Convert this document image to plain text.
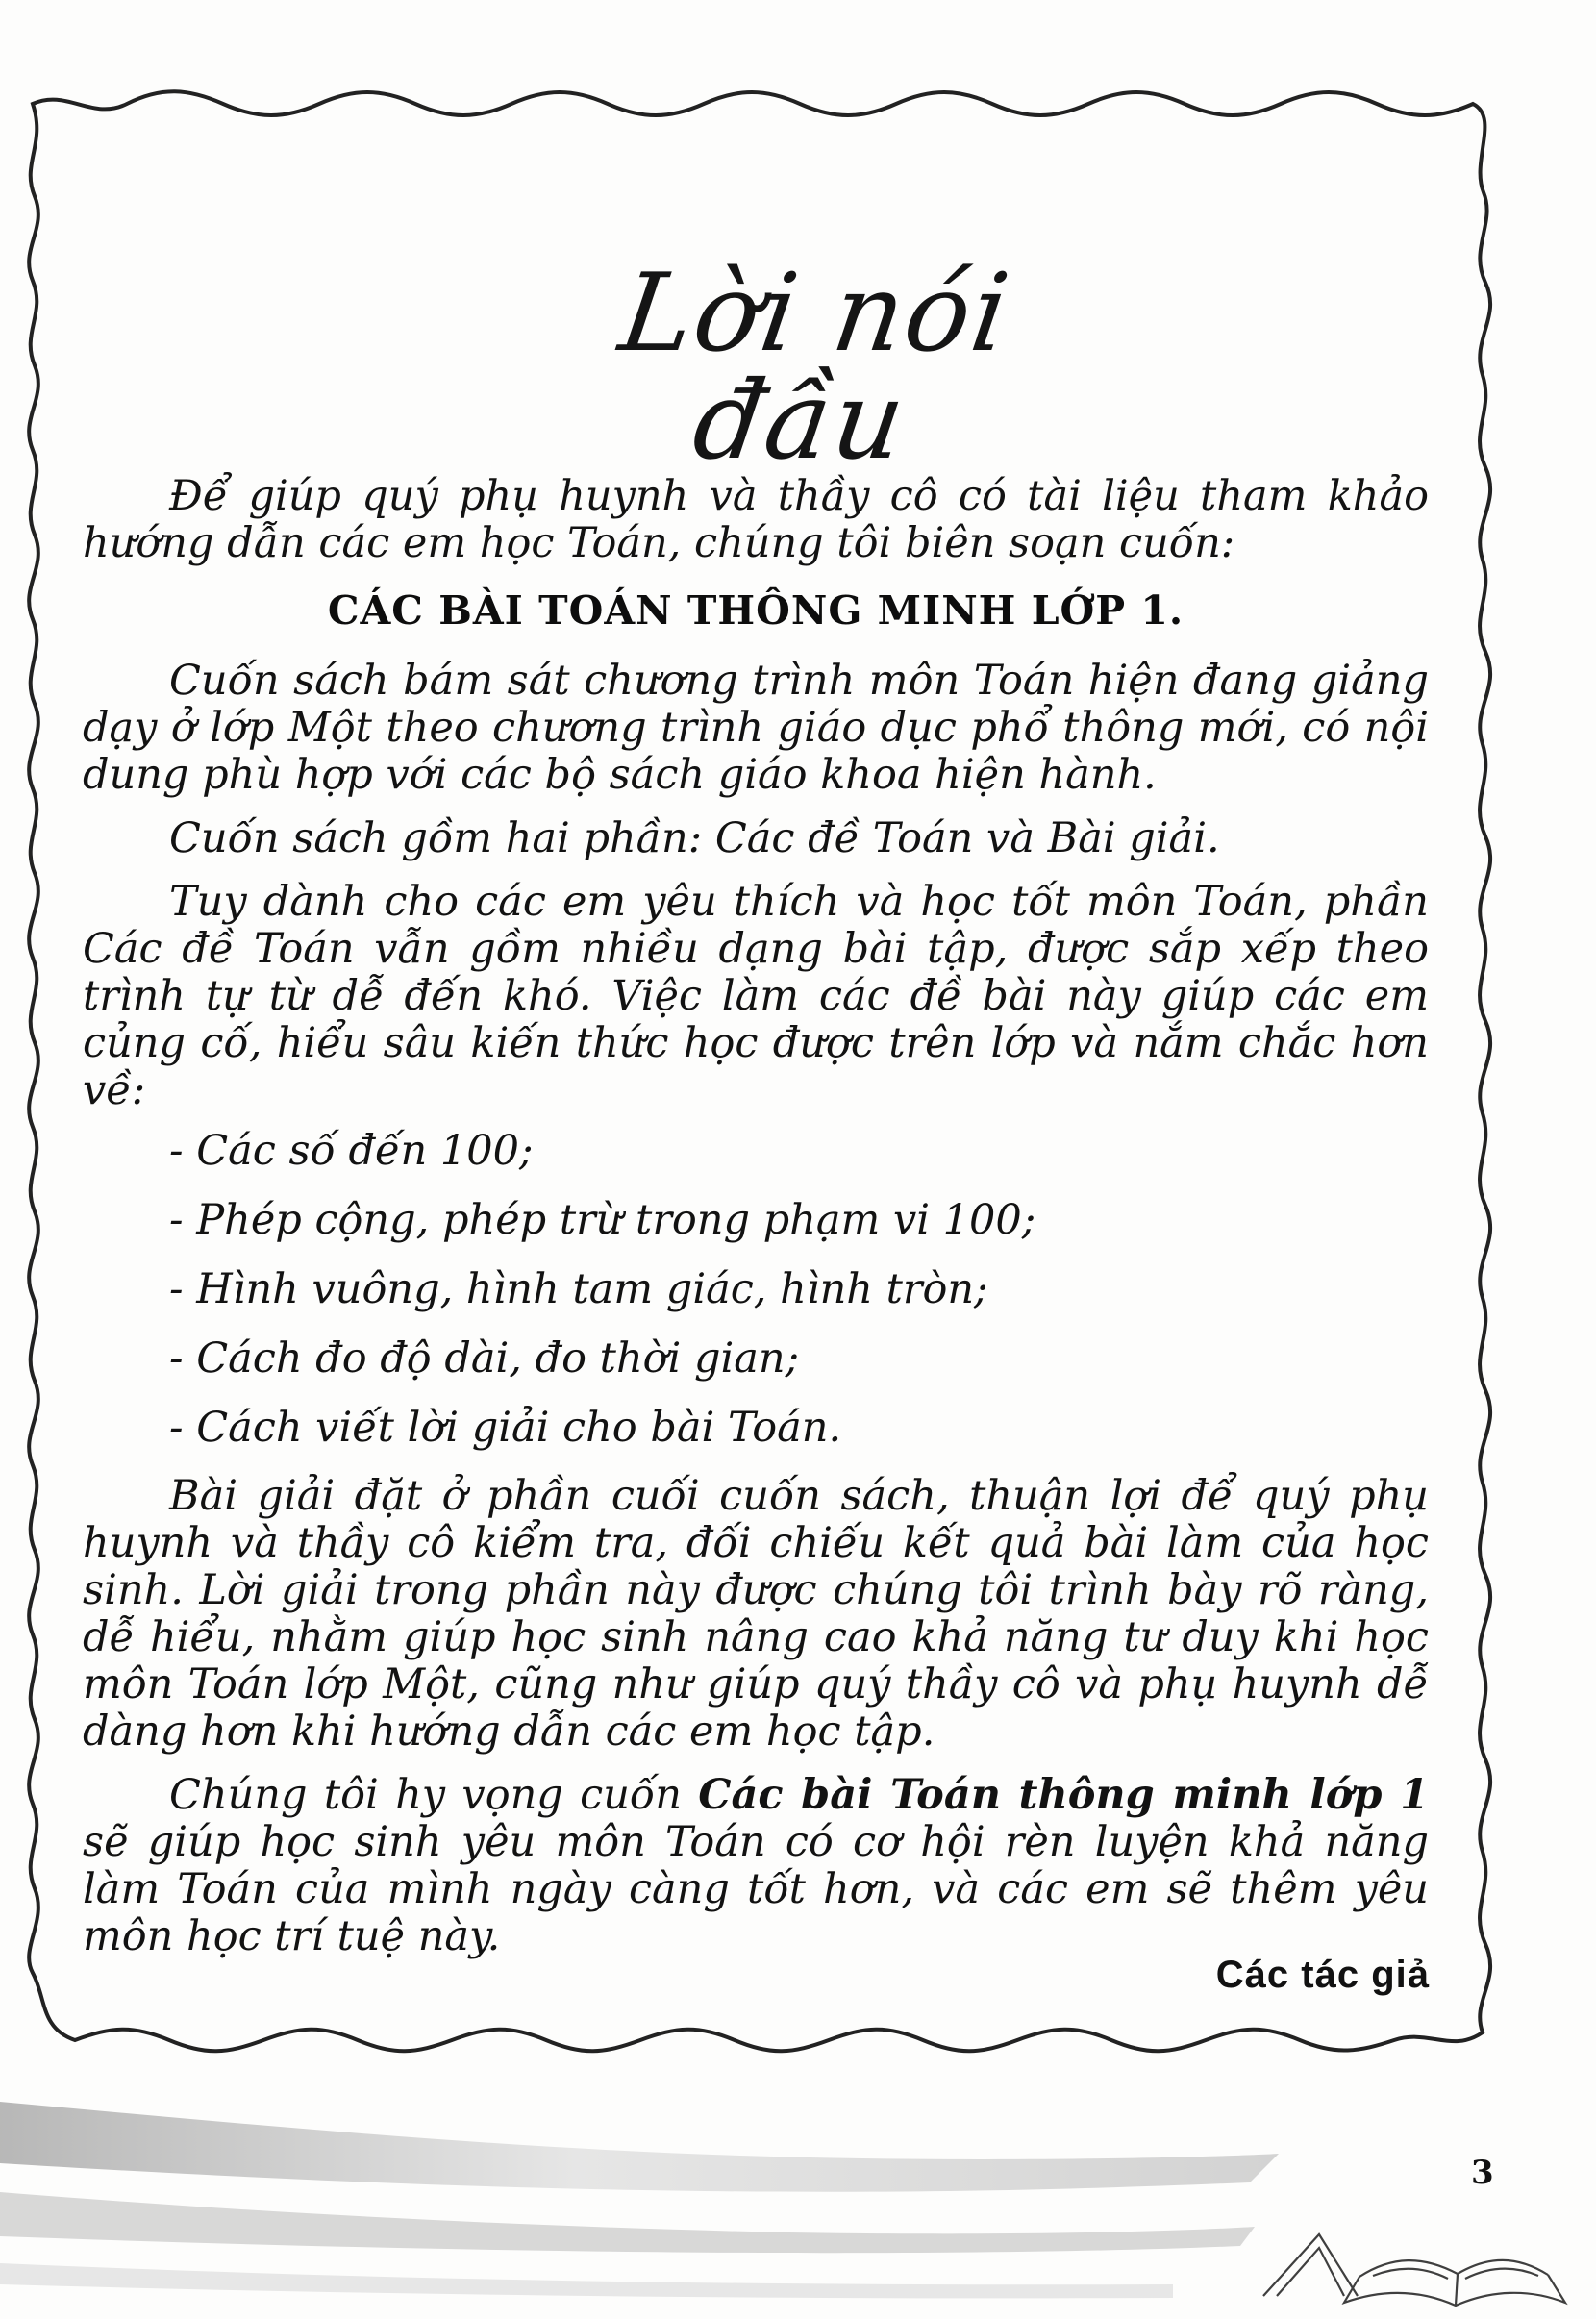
Lời nói đầu

Để giúp quý phụ huynh và thầy cô có tài liệu tham khảo hướng dẫn các em học Toán, chúng tôi biên soạn cuốn:

CÁC BÀI TOÁN THÔNG MINH LỚP 1.

Cuốn sách bám sát chương trình môn Toán hiện đang giảng dạy ở lớp Một theo chương trình giáo dục phổ thông mới, có nội dung phù hợp với các bộ sách giáo khoa hiện hành.

Cuốn sách gồm hai phần: Các đề Toán và Bài giải.

Tuy dành cho các em yêu thích và học tốt môn Toán, phần Các đề Toán vẫn gồm nhiều dạng bài tập, được sắp xếp theo trình tự từ dễ đến khó. Việc làm các đề bài này giúp các em củng cố, hiểu sâu kiến thức học được trên lớp và nắm chắc hơn về:

- Các số đến 100;
- Phép cộng, phép trừ trong phạm vi 100;
- Hình vuông, hình tam giác, hình tròn;
- Cách đo độ dài, đo thời gian;
- Cách viết lời giải cho bài Toán.

Bài giải đặt ở phần cuối cuốn sách, thuận lợi để quý phụ huynh và thầy cô kiểm tra, đối chiếu kết quả bài làm của học sinh. Lời giải trong phần này được chúng tôi trình bày rõ ràng, dễ hiểu, nhằm giúp học sinh nâng cao khả năng tư duy khi học môn Toán lớp Một, cũng như giúp quý thầy cô và phụ huynh dễ dàng hơn khi hướng dẫn các em học tập.

Chúng tôi hy vọng cuốn Các bài Toán thông minh lớp 1 sẽ giúp học sinh yêu môn Toán có cơ hội rèn luyện khả năng làm Toán của mình ngày càng tốt hơn, và các em sẽ thêm yêu môn học trí tuệ này.

Các tác giả
3
